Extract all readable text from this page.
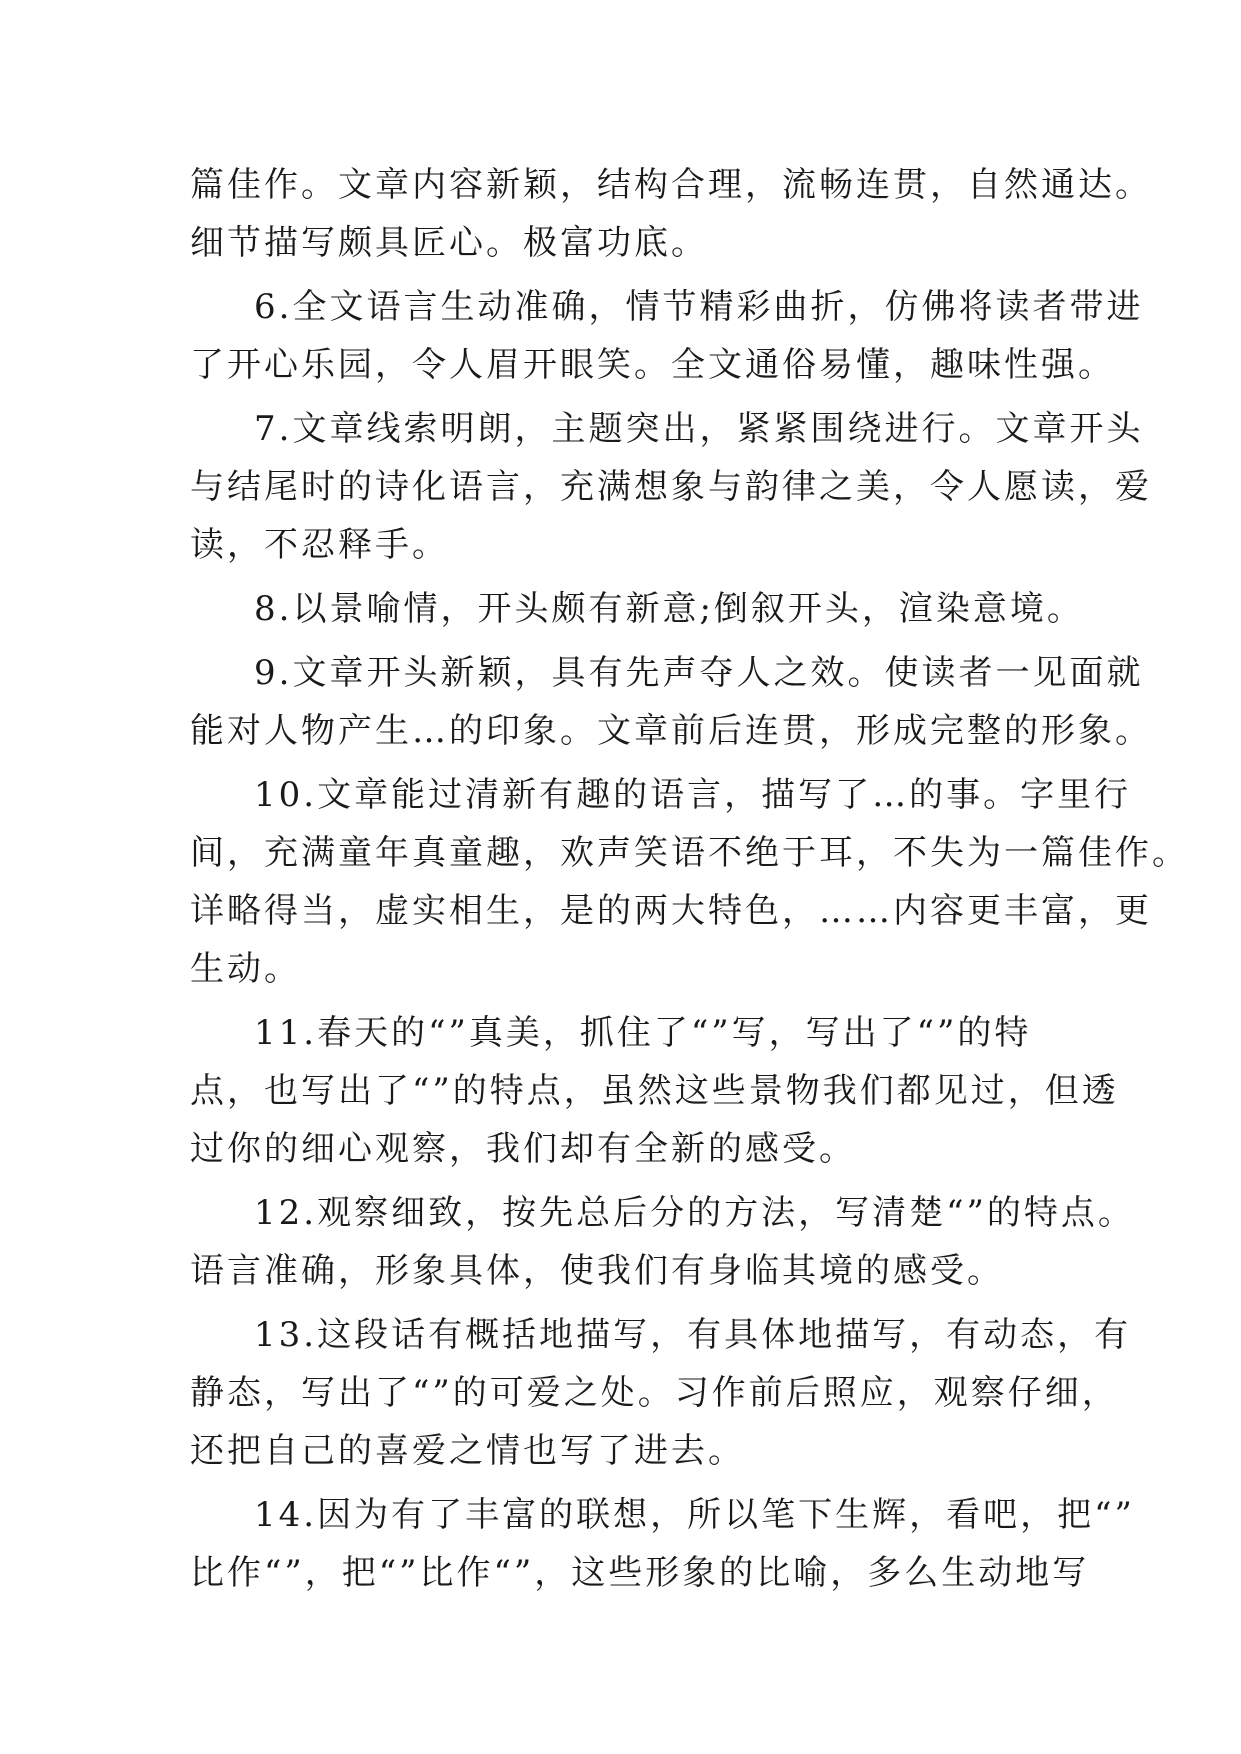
篇佳作。文章内容新颖，结构合理，流畅连贯，自然通达。
细节描写颇具匠心。极富功底。
6.全文语言生动准确，情节精彩曲折，仿佛将读者带进
了开心乐园，令人眉开眼笑。全文通俗易懂，趣味性强。
7.文章线索明朗，主题突出，紧紧围绕进行。文章开头
与结尾时的诗化语言，充满想象与韵律之美，令人愿读，爱
读，不忍释手。
8.以景喻情，开头颇有新意;倒叙开头，渲染意境。
9.文章开头新颖，具有先声夺人之效。使读者一见面就
能对人物产生…的印象。文章前后连贯，形成完整的形象。
10.文章能过清新有趣的语言，描写了…的事。字里行
间，充满童年真童趣，欢声笑语不绝于耳，不失为一篇佳作。
详略得当，虚实相生，是的两大特色，……内容更丰富，更
生动。
11.春天的“”真美，抓住了“”写，写出了“”的特
点，也写出了“”的特点，虽然这些景物我们都见过，但透
过你的细心观察，我们却有全新的感受。
12.观察细致，按先总后分的方法，写清楚“”的特点。
语言准确，形象具体，使我们有身临其境的感受。
13.这段话有概括地描写，有具体地描写，有动态，有
静态，写出了“”的可爱之处。习作前后照应，观察仔细，
还把自己的喜爱之情也写了进去。
14.因为有了丰富的联想，所以笔下生辉，看吧，把“”
比作“”，把“”比作“”，这些形象的比喻，多么生动地写
